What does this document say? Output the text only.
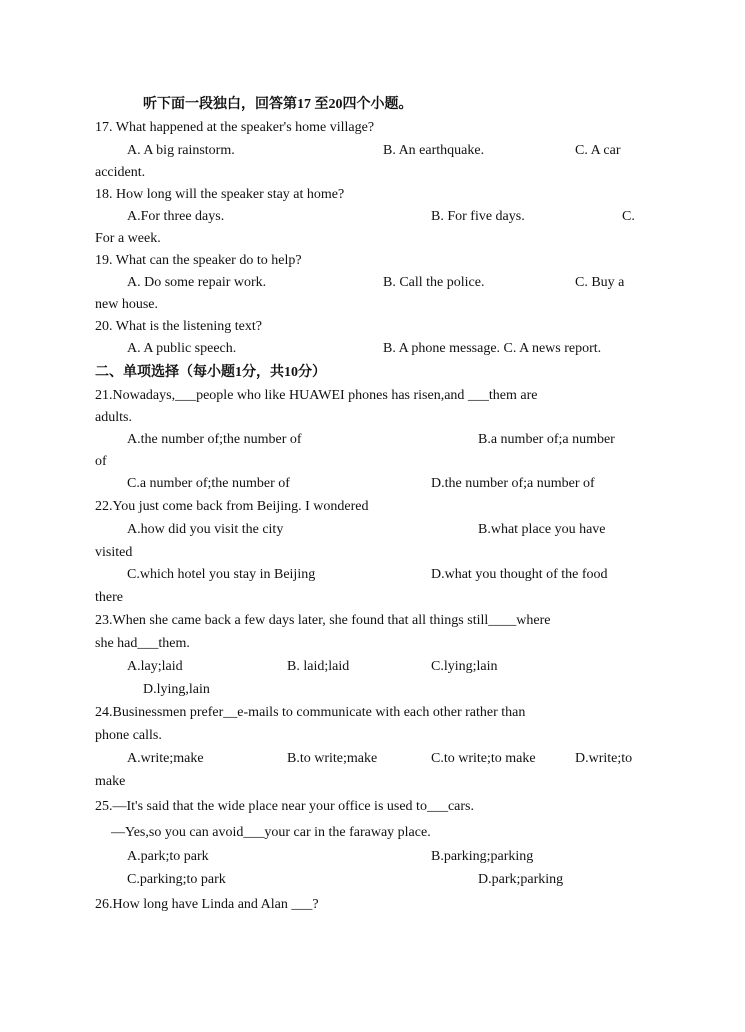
听下面一段独白，回答第17 至20四个小题。
17. What happened at the speaker's home village?
A. A big rainstorm.	B. An earthquake.	C. A car
accident.
18. How long will the speaker stay at home?
A.For three days.	B. For five days.	C.
For a week.
19. What can the speaker do to help?
A. Do some repair work.	B. Call the police.	C. Buy a
new house.
20. What is the listening text?
A. A public speech.	B. A phone message. C. A news report.
二、单项选择（每小题1分，共10分）
21.Nowadays,___people who like HUAWEI phones has risen,and ___them are
adults.
A.the number of;the number of	B.a number of;a number
of
C.a number of;the number of	D.the number of;a number of
22.You just come back from Beijing. I wondered
A.how did you visit the city	B.what place you have
visited
C.which hotel you stay in Beijing	D.what you thought of the food
there
23.When she came back a few days later, she found that all things still____where
she had___them.
A.lay;laid	B. laid;laid	C.lying;lain
D.lying,lain
24.Businessmen prefer__e-mails to communicate with each other rather than
phone calls.
A.write;make	B.to write;make	C.to write;to make	D.write;to
make
25.—It's said that the wide place near your office is used to___cars.
—Yes,so you can avoid___your car in the faraway place.
A.park;to park	B.parking;parking
C.parking;to park	D.park;parking
26.How long have Linda and Alan ___?
